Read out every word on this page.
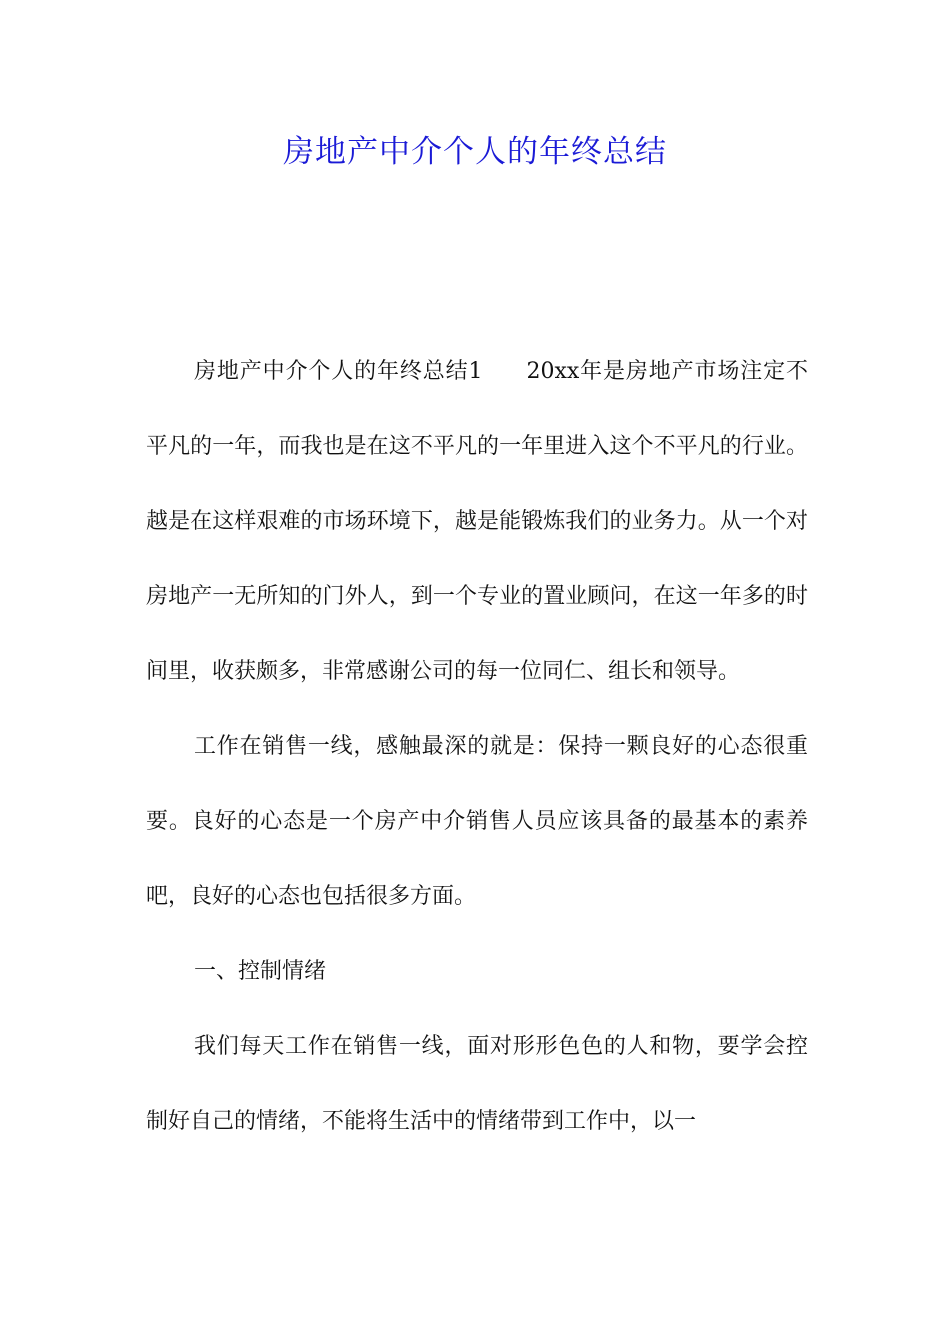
房地产中介个人的年终总结

房地产中介个人的年终总结1 20xx年是房地产市场注定不平凡的一年，而我也是在这不平凡的一年里进入这个不平凡的行业。越是在这样艰难的市场环境下，越是能锻炼我们的业务力。从一个对房地产一无所知的门外人，到一个专业的置业顾问，在这一年多的时间里，收获颇多，非常感谢公司的每一位同仁、组长和领导。

工作在销售一线，感触最深的就是：保持一颗良好的心态很重要。良好的心态是一个房产中介销售人员应该具备的最基本的素养吧，良好的心态也包括很多方面。

一、控制情绪

我们每天工作在销售一线，面对形形色色的人和物，要学会控制好自己的情绪，不能将生活中的情绪带到工作中，以一
